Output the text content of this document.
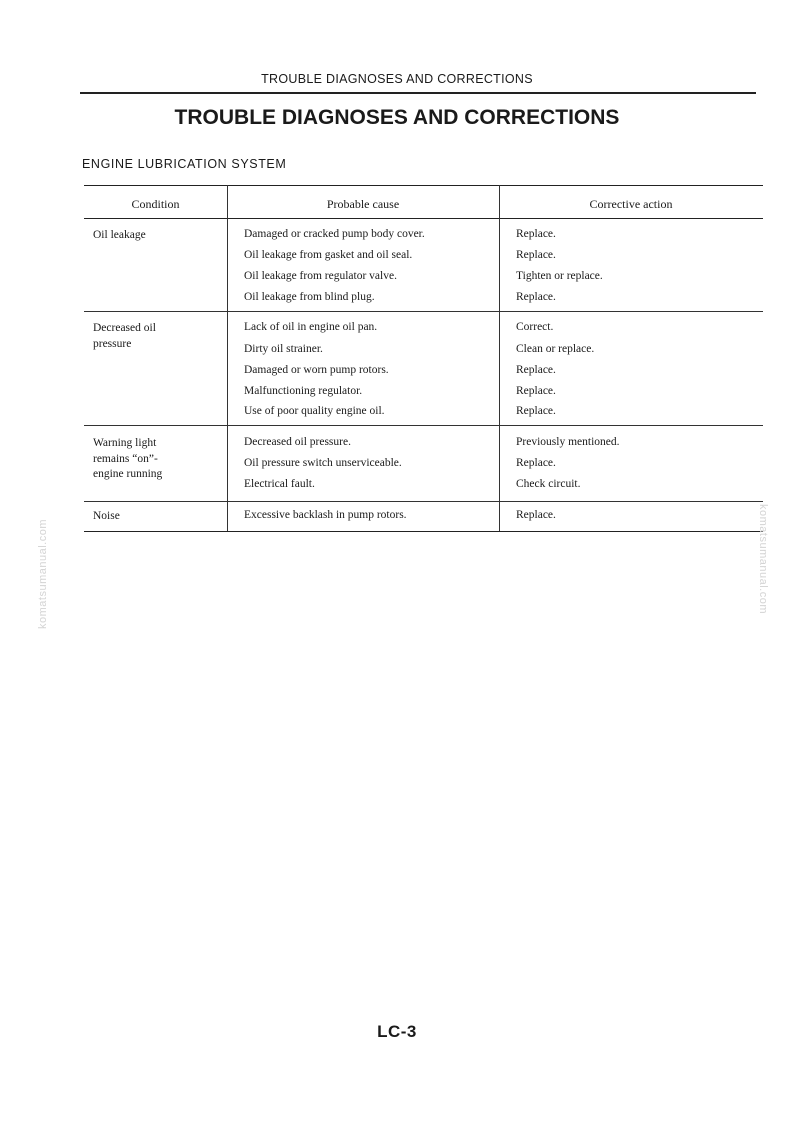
TROUBLE DIAGNOSES AND CORRECTIONS
TROUBLE DIAGNOSES AND CORRECTIONS
ENGINE LUBRICATION SYSTEM
Condition	Probable cause	Corrective action
Oil leakage	Damaged or cracked pump body cover.	Replace.
Oil leakage from gasket and oil seal.	Replace.
Oil leakage from regulator valve.	Tighten or replace.
Oil leakage from blind plug.	Replace.
Decreased oil pressure
Lack of oil in engine oil pan.	Correct.
Dirty oil strainer.	Clean or replace.
Damaged or worn pump rotors.	Replace.
Malfunctioning regulator.	Replace.
Use of poor quality engine oil.	Replace.
Warning light remains “on”- engine running
Decreased oil pressure.	Previously mentioned.
Oil pressure switch unserviceable.	Replace.
Electrical fault.	Check circuit.
Noise	Excessive backlash in pump rotors.	Replace.
komatsumanual.com	komatsumanual.com
LC-3
